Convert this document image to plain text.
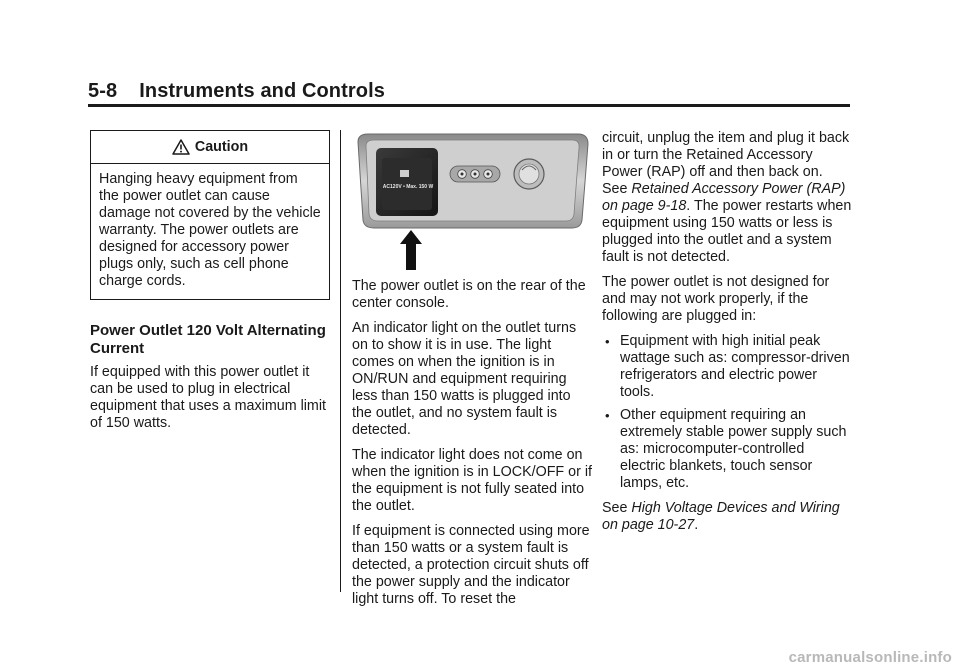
5-8 Instruments and Controls
Caution
Hanging heavy equipment from the power outlet can cause damage not covered by the vehicle warranty. The power outlets are designed for accessory power plugs only, such as cell phone charge cords.
Power Outlet 120 Volt Alternating Current

If equipped with this power outlet it can be used to plug in electrical equipment that uses a maximum limit of 150 watts.

AC120V • Max. 150 W

The power outlet is on the rear of the center console.

An indicator light on the outlet turns on to show it is in use. The light comes on when the ignition is in ON/RUN and equipment requiring less than 150 watts is plugged into the outlet, and no system fault is detected.

The indicator light does not come on when the ignition is in LOCK/OFF or if the equipment is not fully seated into the outlet.

If equipment is connected using more than 150 watts or a system fault is detected, a protection circuit shuts off the power supply and the indicator light turns off. To reset the

circuit, unplug the item and plug it back in or turn the Retained Accessory Power (RAP) off and then back on. See Retained Accessory Power (RAP) on page 9-18. The power restarts when equipment using 150 watts or less is plugged into the outlet and a system fault is not detected.

The power outlet is not designed for and may not work properly, if the following are plugged in:

• Equipment with high initial peak wattage such as: compressor-driven refrigerators and electric power tools.
• Other equipment requiring an extremely stable power supply such as: microcomputer-controlled electric blankets, touch sensor lamps, etc.

See High Voltage Devices and Wiring on page 10-27.

carmanualsonline.info
